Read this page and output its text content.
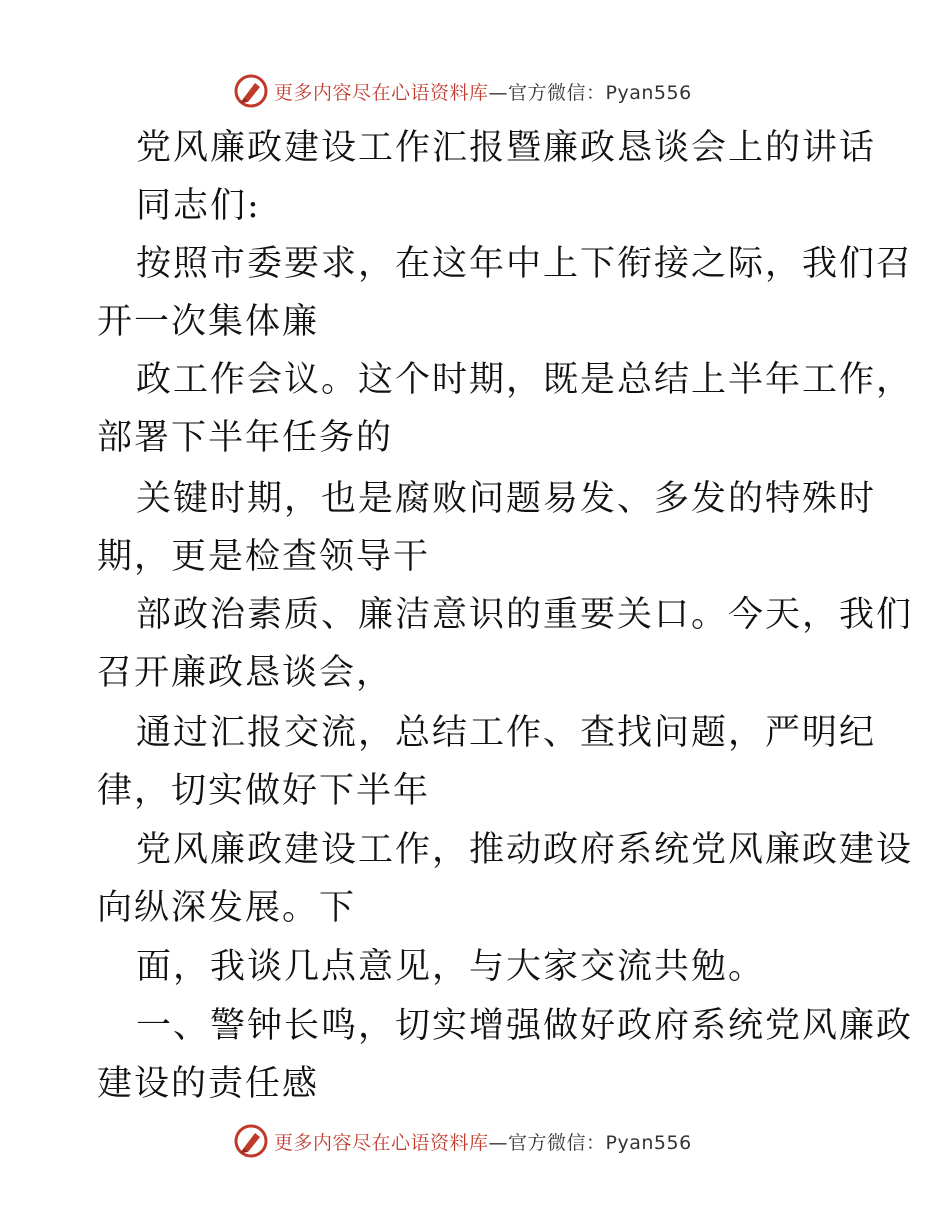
更多内容尽在心语资料库—官方微信：Pyan556
党风廉政建设工作汇报暨廉政恳谈会上的讲话
同志们:
按照市委要求，在这年中上下衔接之际，我们召
开一次集体廉
政工作会议。这个时期，既是总结上半年工作，
部署下半年任务的
关键时期，也是腐败问题易发、多发的特殊时
期，更是检查领导干
部政治素质、廉洁意识的重要关口。今天，我们
召开廉政恳谈会，
通过汇报交流，总结工作、查找问题，严明纪
律，切实做好下半年
党风廉政建设工作，推动政府系统党风廉政建设
向纵深发展。下
面，我谈几点意见，与大家交流共勉。
一、警钟长鸣，切实增强做好政府系统党风廉政
建设的责任感
更多内容尽在心语资料库—官方微信：Pyan556
